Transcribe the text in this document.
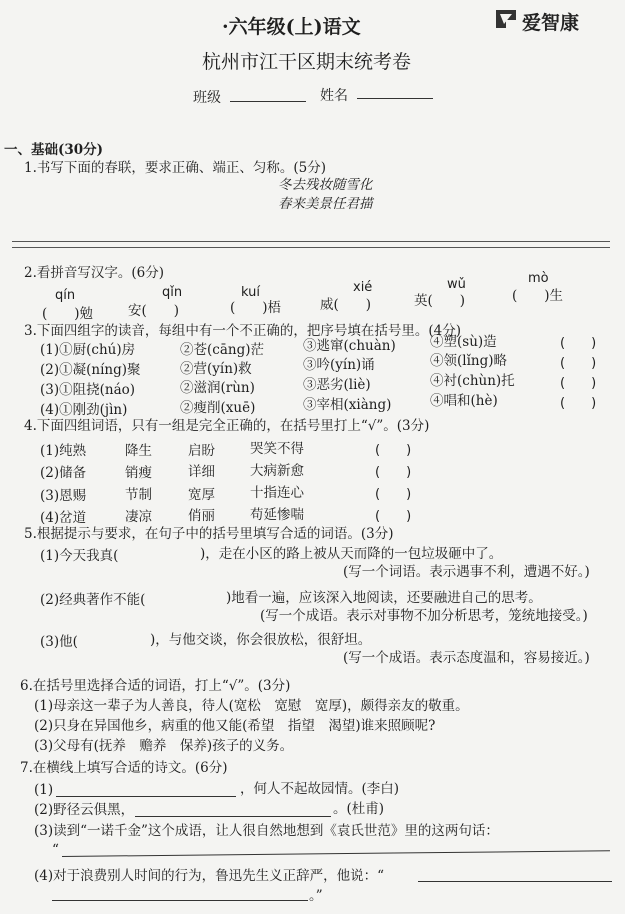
·六年级(上)语文	爱智康
杭州市江干区期末统考卷
班级	姓名
一、基础(30分)
1.书写下面的春联，要求正确、端正、匀称。(5分)
冬去残妆随雪化
春来美景任君描
2.看拼音写汉字。(6分)
qín	qǐn	kuí	xié	wǔ	mò
(　　)勉	安(　　)	(　　)梧	威(　　)	英(　　)	(　　)生
3.下面四组字的读音，每组中有一个不正确的，把序号填在括号里。(4分)
(1)①厨(chú)房	②苍(cāng)茫	③逃窜(chuàn)	④塑(sù)造	(　　)
(2)①凝(níng)聚	②营(yín)救	③吟(yín)诵	④领(lǐng)略	(　　)
(3)①阻挠(náo)	②滋润(rùn)	③恶劣(liè)	④衬(chùn)托	(　　)
(4)①刚劲(jìn)	②瘦削(xuē)	③宰相(xiàng)	④唱和(hè)	(　　)
4.下面四组词语，只有一组是完全正确的，在括号里打上“√”。(3分)
(1)纯熟	降生	启盼	哭笑不得	(　　)
(2)储备	销瘦	详细	大病新愈	(　　)
(3)恩赐	节制	宽厚	十指连心	(　　)
(4)岔道	凄凉	俏丽	苟延惨喘	(　　)
5.根据提示与要求，在句子中的括号里填写合适的词语。(3分)
(1)今天我真(	)，走在小区的路上被从天而降的一包垃圾砸中了。
(写一个词语。表示遇事不利，遭遇不好。)
(2)经典著作不能(	)地看一遍，应该深入地阅读，还要融进自己的思考。
(写一个成语。表示对事物不加分析思考，笼统地接受。)
(3)他(	)，与他交谈，你会很放松，很舒坦。
(写一个成语。表示态度温和，容易接近。)
6.在括号里选择合适的词语，打上“√”。(3分)
(1)母亲这一辈子为人善良，待人(宽松　宽慰　宽厚)，颇得亲友的敬重。
(2)只身在异国他乡，病重的他又能(希望　指望　渴望)谁来照顾呢?
(3)父母有(抚养　赡养　保养)孩子的义务。
7.在横线上填写合适的诗文。(6分)
(1)	，何人不起故园情。(李白)
(2)野径云俱黑，	。(杜甫)
(3)读到“一诺千金”这个成语，让人很自然地想到《袁氏世范》里的这两句话：
“
(4)对于浪费别人时间的行为，鲁迅先生义正辞严，他说：“
。”
